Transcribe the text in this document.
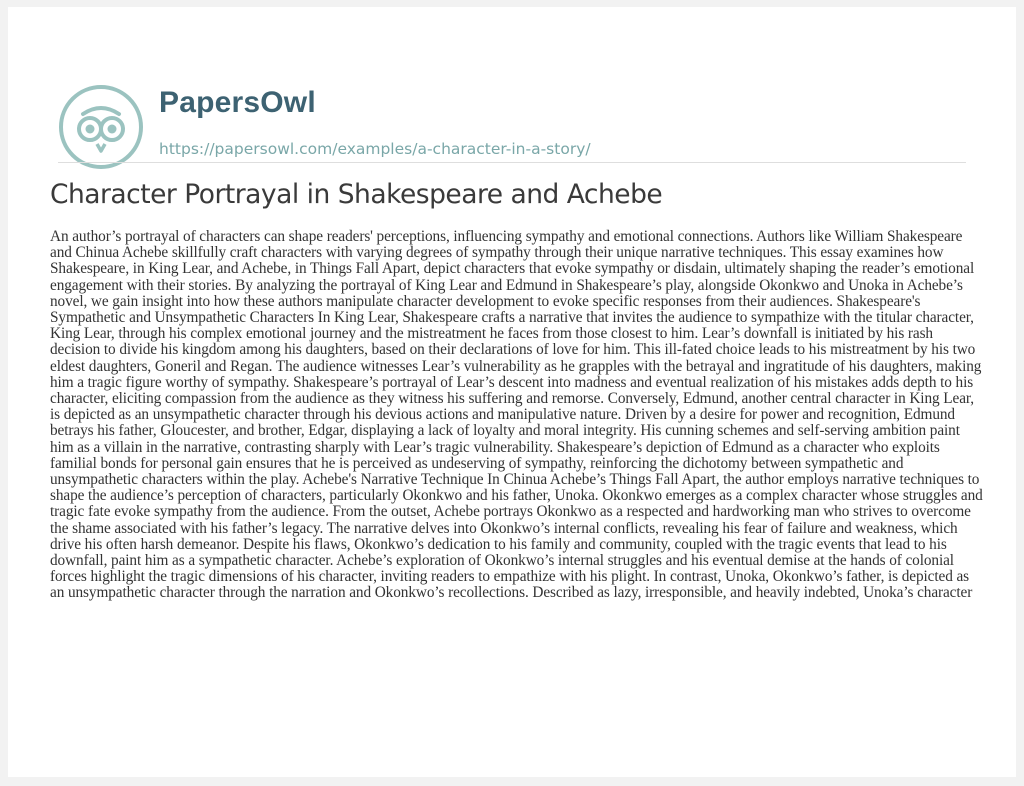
PapersOwl
https://papersowl.com/examples/a-character-in-a-story/
Character Portrayal in Shakespeare and Achebe

An author’s portrayal of characters can shape readers' perceptions, influencing sympathy and emotional connections. Authors like William Shakespeare and Chinua Achebe skillfully craft characters with varying degrees of sympathy through their unique narrative techniques. This essay examines how Shakespeare, in King Lear, and Achebe, in Things Fall Apart, depict characters that evoke sympathy or disdain, ultimately shaping the reader’s emotional engagement with their stories. By analyzing the portrayal of King Lear and Edmund in Shakespeare’s play, alongside Okonkwo and Unoka in Achebe’s novel, we gain insight into how these authors manipulate character development to evoke specific responses from their audiences. Shakespeare's Sympathetic and Unsympathetic Characters In King Lear, Shakespeare crafts a narrative that invites the audience to sympathize with the titular character, King Lear, through his complex emotional journey and the mistreatment he faces from those closest to him. Lear’s downfall is initiated by his rash decision to divide his kingdom among his daughters, based on their declarations of love for him. This ill-fated choice leads to his mistreatment by his two eldest daughters, Goneril and Regan. The audience witnesses Lear’s vulnerability as he grapples with the betrayal and ingratitude of his daughters, making him a tragic figure worthy of sympathy. Shakespeare’s portrayal of Lear’s descent into madness and eventual realization of his mistakes adds depth to his character, eliciting compassion from the audience as they witness his suffering and remorse. Conversely, Edmund, another central character in King Lear, is depicted as an unsympathetic character through his devious actions and manipulative nature. Driven by a desire for power and recognition, Edmund betrays his father, Gloucester, and brother, Edgar, displaying a lack of loyalty and moral integrity. His cunning schemes and self-serving ambition paint him as a villain in the narrative, contrasting sharply with Lear’s tragic vulnerability. Shakespeare’s depiction of Edmund as a character who exploits familial bonds for personal gain ensures that he is perceived as undeserving of sympathy, reinforcing the dichotomy between sympathetic and unsympathetic characters within the play. Achebe's Narrative Technique In Chinua Achebe’s Things Fall Apart, the author employs narrative techniques to shape the audience’s perception of characters, particularly Okonkwo and his father, Unoka. Okonkwo emerges as a complex character whose struggles and tragic fate evoke sympathy from the audience. From the outset, Achebe portrays Okonkwo as a respected and hardworking man who strives to overcome the shame associated with his father’s legacy. The narrative delves into Okonkwo’s internal conflicts, revealing his fear of failure and weakness, which drive his often harsh demeanor. Despite his flaws, Okonkwo’s dedication to his family and community, coupled with the tragic events that lead to his downfall, paint him as a sympathetic character. Achebe’s exploration of Okonkwo’s internal struggles and his eventual demise at the hands of colonial forces highlight the tragic dimensions of his character, inviting readers to empathize with his plight. In contrast, Unoka, Okonkwo’s father, is depicted as an unsympathetic character through the narration and Okonkwo’s recollections. Described as lazy, irresponsible, and heavily indebted, Unoka’s character
